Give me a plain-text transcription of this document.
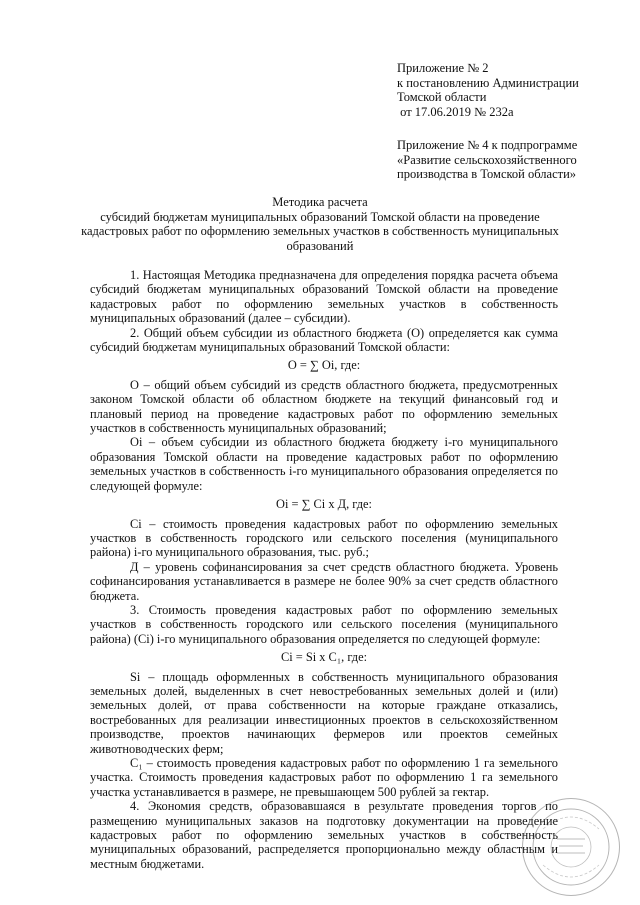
Приложение № 2
к постановлению Администрации
Томской области
от 17.06.2019 № 232а
Приложение № 4 к подпрограмме
«Развитие сельскохозяйственного
производства в Томской области»
Методика расчета
субсидий бюджетам муниципальных образований Томской области на проведение
кадастровых работ по оформлению земельных участков в собственность муниципальных
образований

1. Настоящая Методика предназначена для определения порядка расчета объема субсидий бюджетам муниципальных образований Томской области на проведение кадастровых работ по оформлению земельных участков в собственность муниципальных образований (далее – субсидии).

2. Общий объем субсидии из областного бюджета (O) определяется как сумма субсидий бюджетам муниципальных образований Томской области:

O = ∑ Oi, где:

O – общий объем субсидий из средств областного бюджета, предусмотренных законом Томской области об областном бюджете на текущий финансовый год и плановый период на проведение кадастровых работ по оформлению земельных участков в собственность муниципальных образований;

Oi – объем субсидии из областного бюджета бюджету i-го муниципального образования Томской области на проведение кадастровых работ по оформлению земельных участков в собственность i-го муниципального образования определяется по следующей формуле:

Oi = ∑ Ci x Д, где:

Ci – стоимость проведения кадастровых работ по оформлению земельных участков в собственность городского или сельского поселения (муниципального района) i-го муниципального образования, тыс. руб.;

Д – уровень софинансирования за счет средств областного бюджета. Уровень софинансирования устанавливается в размере не более 90% за счет средств областного бюджета.

3. Стоимость проведения кадастровых работ по оформлению земельных участков в собственность городского или сельского поселения (муниципального района) (Ci) i-го муниципального образования определяется по следующей формуле:

Ci = Si x C₁, где:

Si – площадь оформленных в собственность муниципального образования земельных долей, выделенных в счет невостребованных земельных долей и (или) земельных долей, от права собственности на которые граждане отказались, востребованных для реализации инвестиционных проектов в сельскохозяйственном производстве, проектов начинающих фермеров или проектов семейных животноводческих ферм;

C₁ – стоимость проведения кадастровых работ по оформлению 1 га земельного участка. Стоимость проведения кадастровых работ по оформлению 1 га земельного участка устанавливается в размере, не превышающем 500 рублей за гектар.

4. Экономия средств, образовавшаяся в результате проведения торгов по размещению муниципальных заказов на подготовку документации на проведение кадастровых работ по оформлению земельных участков в собственность муниципальных образований, распределяется пропорционально между областным и местным бюджетами.
